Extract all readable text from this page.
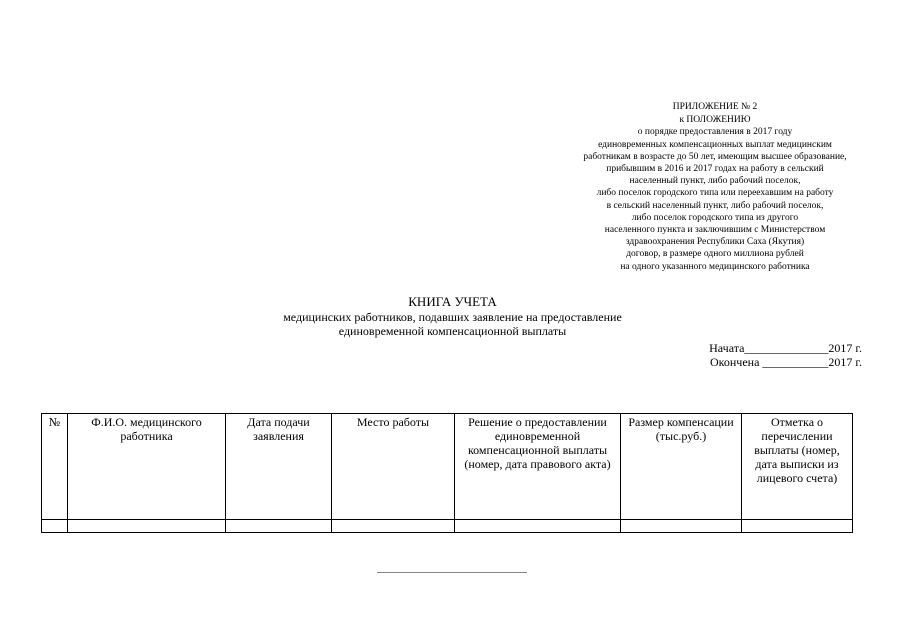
ПРИЛОЖЕНИЕ № 2
к ПОЛОЖЕНИЮ
о порядке предоставления в 2017 году
единовременных компенсационных выплат медицинским
работникам в возрасте до 50 лет, имеющим высшее образование,
прибывшим в 2016 и 2017 годах на работу в сельский
населенный пункт, либо рабочий поселок,
либо поселок городского типа или переехавшим на работу
в сельский населенный пункт, либо рабочий поселок,
либо поселок городского типа из другого
населенного пункта и заключившим с Министерством
здравоохранения Республики Саха (Якутия)
договор, в размере одного миллиона рублей
на одного указанного медицинского работника
КНИГА УЧЕТА
медицинских работников, подавших заявление на предоставление
единовременной компенсационной выплаты
Начата______________2017 г.
Окончена ___________2017 г.
№	Ф.И.О. медицинского работника	Дата подачи заявления	Место работы	Решение о предоставлении единовременной компенсационной выплаты (номер, дата правового акта)	Размер компенсации (тыс.руб.)	Отметка о перечислении выплаты (номер, дата выписки из лицевого счета)
